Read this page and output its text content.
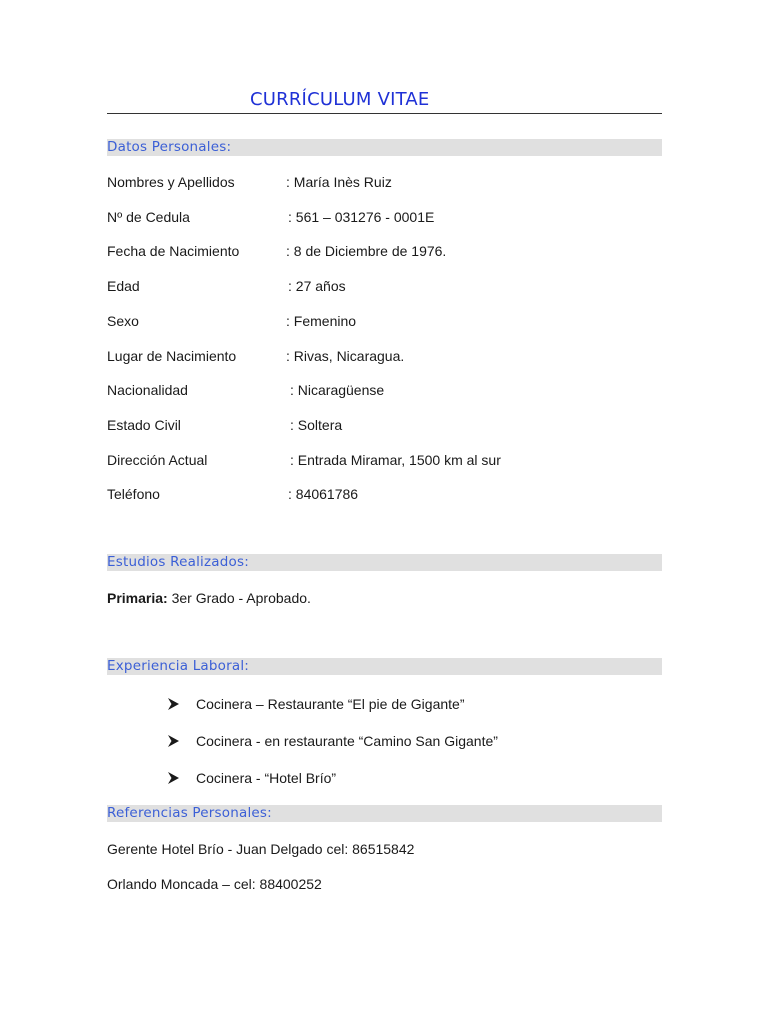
CURRÍCULUM VITAE
Datos Personales:
Nombres y Apellidos	: María Inès Ruiz
Nº de Cedula	: 561 – 031276 - 0001E
Fecha de Nacimiento	: 8 de Diciembre de 1976.
Edad	: 27 años
Sexo	: Femenino
Lugar de Nacimiento	: Rivas, Nicaragua.
Nacionalidad	: Nicaragüense
Estado Civil	: Soltera
Dirección Actual	: Entrada Miramar, 1500 km al sur
Teléfono	: 84061786
Estudios Realizados:
Primaria: 3er Grado - Aprobado.
Experiencia Laboral:
Cocinera – Restaurante “El pie de Gigante”
Cocinera - en restaurante “Camino San Gigante”
Cocinera - “Hotel Brío”
Referencias Personales:
Gerente Hotel Brío - Juan Delgado cel: 86515842
Orlando Moncada – cel: 88400252
